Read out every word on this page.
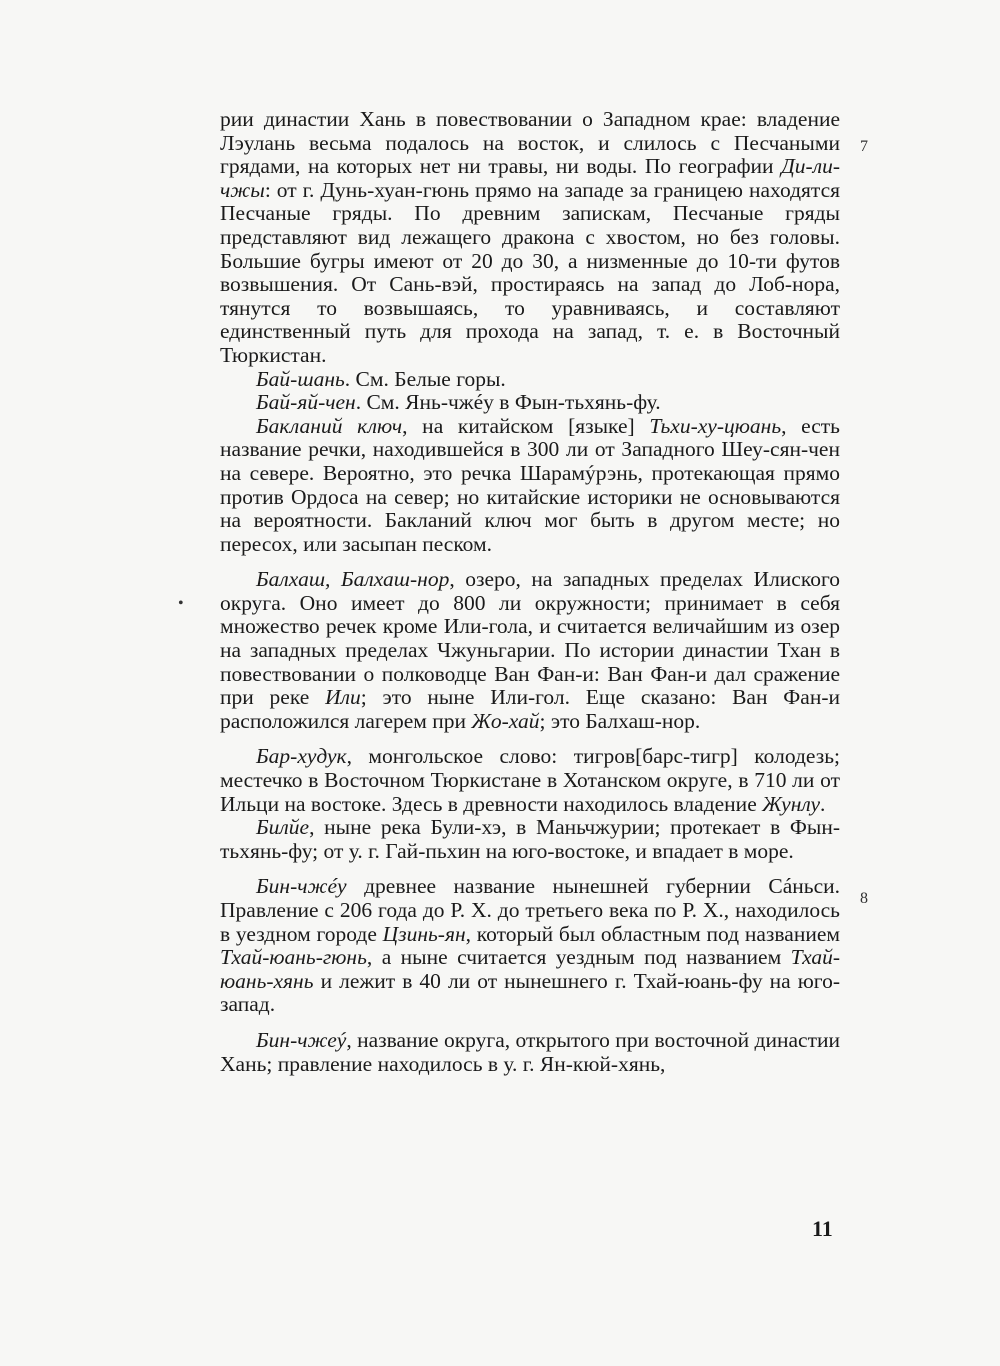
рии династии Хань в повествовании о Западном крае: владение Лэулань весьма подалось на восток, и слилось с Песчаными грядами, на которых нет ни травы, ни воды. По географии Ди-ли-чжы: от г. Дунь-хуан-гюнь прямо на западе за границею находятся Песчаные гряды. По древним запискам, Песчаные гряды представляют вид лежащего дракона с хвостом, но без головы. Большие бугры имеют от 20 до 30, а низменные до 10-ти футов возвышения. От Сань-вэй, простираясь на запад до Лоб-нора, тянутся то возвышаясь, то уравниваясь, и составляют единственный путь для прохода на запад, т. е. в Восточный Тюркистан.

Бай-шань. См. Белые горы.

Бай-яй-чен. См. Янь-чжéу в Фын-тьхянь-фу.

Бакланий ключ, на китайском [языке] Тьхи-ху-цюань, есть название речки, находившейся в 300 ли от Западного Шеу-сян-чен на севере. Вероятно, это речка Шарамýрэнь, протекающая прямо против Ордоса на север; но китайские историки не основываются на вероятности. Бакланий ключ мог быть в другом месте; но пересох, или засыпан песком.

Балхаш, Балхаш-нор, озеро, на западных пределах Илиского округа. Оно имеет до 800 ли окружности; принимает в себя множество речек кроме Или-гола, и считается величайшим из озер на западных пределах Чжуньгарии. По истории династии Тхан в повествовании о полководце Ван Фан-и: Ван Фан-и дал сражение при реке Или; это ныне Или-гол. Еще сказано: Ван Фан-и расположился лагерем при Жо-хай; это Балхаш-нор.

Бар-худук, монгольское слово: тигров[барс-тигр] колодезь; местечко в Восточном Тюркистане в Хотанском округе, в 710 ли от Ильци на востоке. Здесь в древности находилось владение Жунлу.

Билйе, ныне река Були-хэ, в Маньчжурии; протекает в Фын-тьхянь-фу; от у. г. Гай-пьхин на юго-востоке, и впадает в море.

Бин-чжéу древнее название нынешней губернии Сáньси. Правление с 206 года до Р. Х. до третьего века по Р. Х., находилось в уездном городе Цзинь-ян, который был областным под названием Тхай-юань-гюнь, а ныне считается уездным под названием Тхай-юань-хянь и лежит в 40 ли от нынешнего г. Тхай-юань-фу на юго-запад.

Бин-чжеý, название округа, открытого при восточной династии Хань; правление находилось в у. г. Ян-кюй-хянь,

7
8
•
11
